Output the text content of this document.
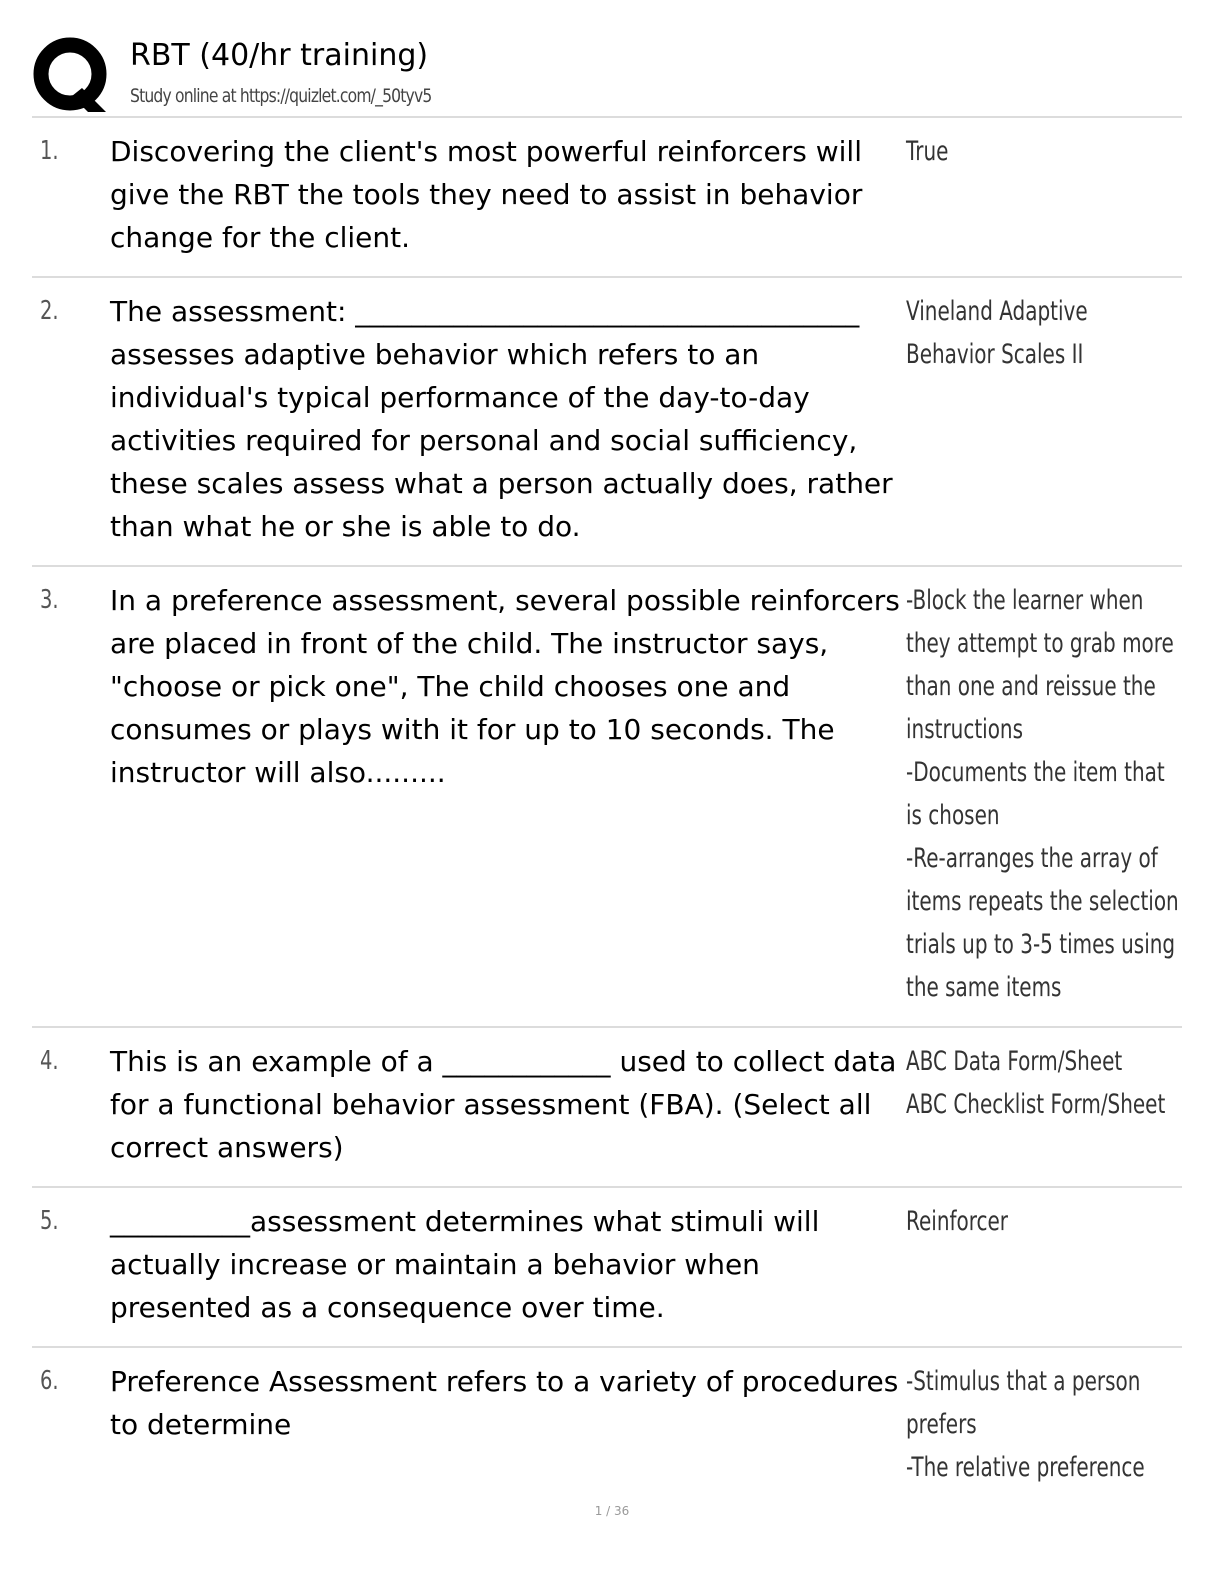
RBT (40/hr training)
Study online at https://quizlet.com/_50tyv5
1. Discovering the client's most powerful reinforcers will give the RBT the tools they need to assist in behavior change for the client.
True
2. The assessment: ____________________________________ assesses adaptive behavior which refers to an individual's typical performance of the day-to-day activities required for personal and social sufficiency, these scales assess what a person actually does, rather than what he or she is able to do.
Vineland Adaptive Behavior Scales II
3. In a preference assessment, several possible reinforcers are placed in front of the child. The instructor says, "choose or pick one", The child chooses one and consumes or plays with it for up to 10 seconds. The instructor will also.........
-Block the learner when they attempt to grab more than one and reissue the instructions
-Documents the item that is chosen
-Re-arranges the array of items repeats the selection trials up to 3-5 times using the same items
4. This is an example of a ____________ used to collect data for a functional behavior assessment (FBA). (Select all correct answers)
ABC Data Form/Sheet
ABC Checklist Form/Sheet
5. __________assessment determines what stimuli will actually increase or maintain a behavior when presented as a consequence over time.
Reinforcer
6. Preference Assessment refers to a variety of procedures to determine
-Stimulus that a person prefers
-The relative preference
1 / 36
